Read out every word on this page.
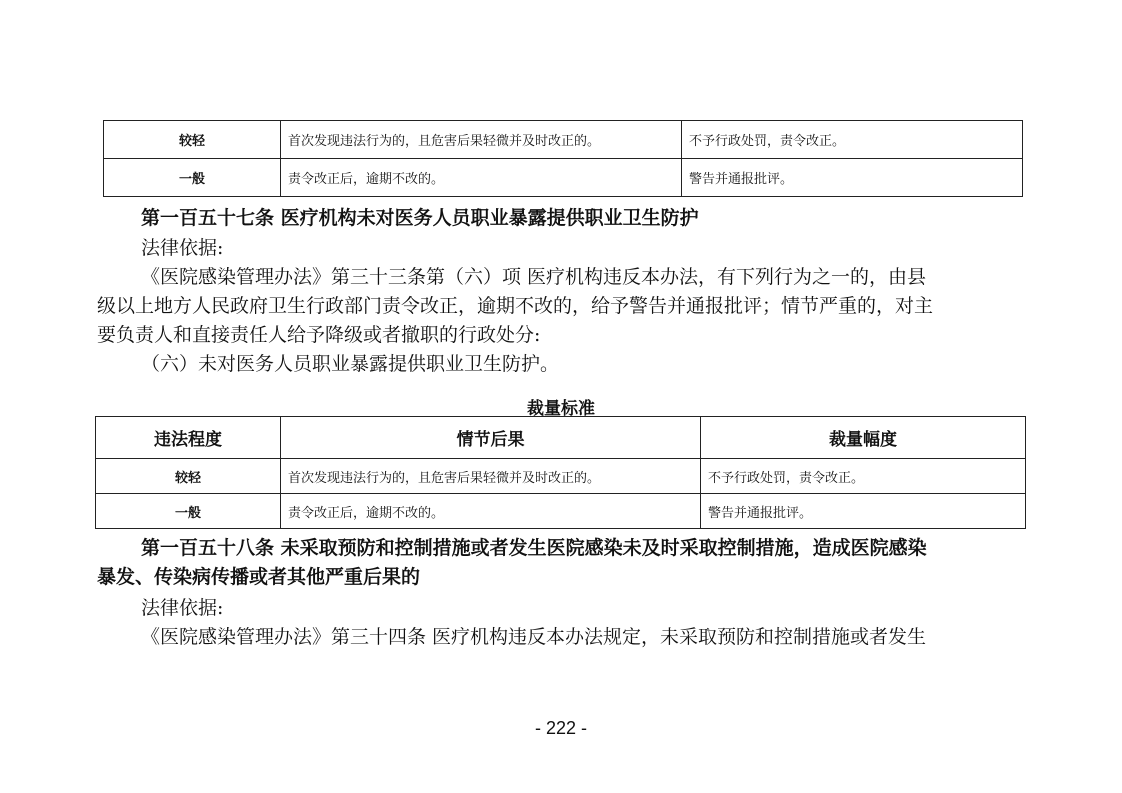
较轻	首次发现违法行为的，且危害后果轻微并及时改正的。	不予行政处罚，责令改正。
一般	责令改正后，逾期不改的。	警告并通报批评。
第一百五十七条 医疗机构未对医务人员职业暴露提供职业卫生防护
法律依据:
《医院感染管理办法》第三十三条第（六）项 医疗机构违反本办法，有下列行为之一的，由县
级以上地方人民政府卫生行政部门责令改正，逾期不改的，给予警告并通报批评；情节严重的，对主
要负责人和直接责任人给予降级或者撤职的行政处分:
（六）未对医务人员职业暴露提供职业卫生防护。
裁量标准
违法程度	情节后果	裁量幅度
较轻	首次发现违法行为的，且危害后果轻微并及时改正的。	不予行政处罚，责令改正。
一般	责令改正后，逾期不改的。	警告并通报批评。
第一百五十八条 未采取预防和控制措施或者发生医院感染未及时采取控制措施，造成医院感染
暴发、传染病传播或者其他严重后果的
法律依据:
《医院感染管理办法》第三十四条 医疗机构违反本办法规定，未采取预防和控制措施或者发生
- 222 -
